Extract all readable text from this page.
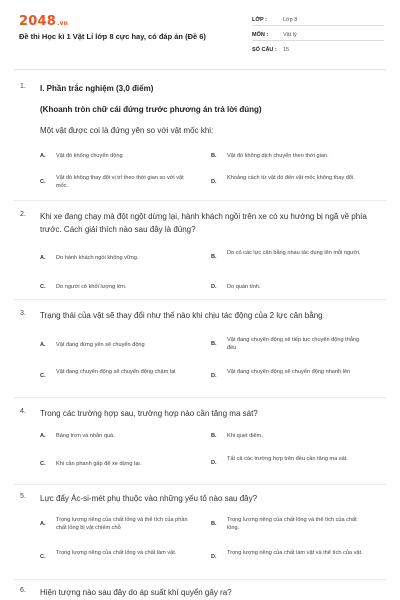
2048.vn
Đề thi Học kì 1 Vật Lí lớp 8 cực hay, có đáp án (Đề 6)
LỚP :	Lớp 8
MÔN :	Vật lý
SỐ CÂU : 15
1. I. Phần trắc nghiệm (3,0 điểm)
(Khoanh tròn chữ cái đứng trước phương án trả lời đúng)
Một vật được coi là đứng yên so với vật mốc khi:
A. Vật đó không chuyển động	B. Vật đó không dịch chuyển theo thời gian.
C.
Vật đó không thay đổi vị trí theo thời gian so với vật mốc.
D.
Khoảng cách từ vật đó đến vật mốc không thay đổi.
2. Khi xe đang chạy mà đột ngột dừng lại, hành khách ngồi trên xe có xu hướng bị ngã về phía trước. Cách giải thích nào sau đây là đúng?
A. Do hành khách ngồi không vững.	B.
Do có các lực cân bằng nhau tác dụng lên mỗi người.
C. Do người có khối lượng lớn.	D. Do quán tính.
3. Trạng thái của vật sẽ thay đổi như thế nào khi chịu tác động của 2 lực cân bằng
A. Vật đang đứng yên sẽ chuyển động	B.
Vật đang chuyển động sẽ tiếp tục chuyển động thẳng đều
C.
Vật đang chuyển động sẽ chuyển động chậm lại
D.
Vật đang chuyển động sẽ chuyển động nhanh lên
4. Trong các trường hợp sau, trường hợp nào cần tăng ma sát?
A. Bảng trơn và nhẵn quá.	B. Khi quẹt diêm.
C. Khi cần phanh gấp để xe dừng lại.	D.
Tất cả các trường hợp trên đều cần tăng ma sát.
5. Lực đẩy Ác-si-mét phụ thuộc vào những yếu tố nào sau đây?
A.
Trọng lượng riêng của chất lỏng và thể tích của phần chất lỏng bị vật chiếm chỗ
B.
Trọng lượng riêng của chất lỏng và thể tích của chất lỏng.
C.
Trọng lượng riêng của chất lỏng và chất làm vật.
D.
Trọng lượng riêng của chất làm vật và thể tích của vật.
6. Hiện tượng nào sau đây do áp suất khí quyển gây ra?
